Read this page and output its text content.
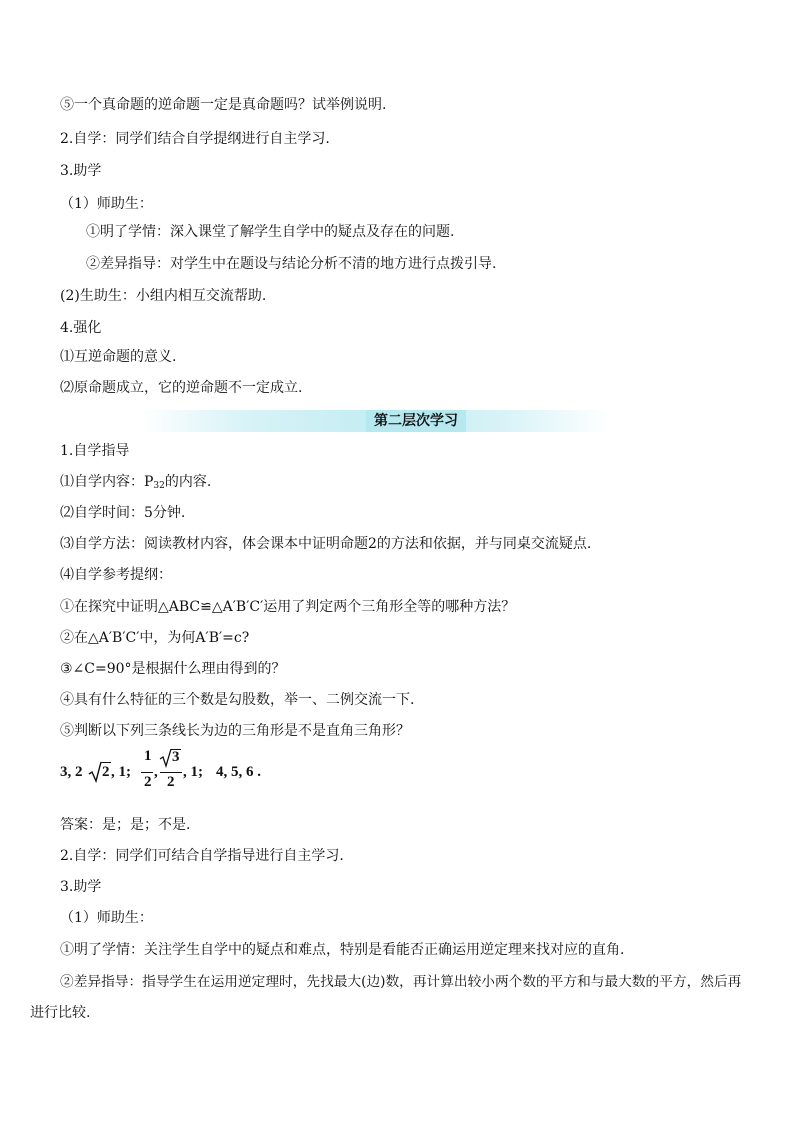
⑤一个真命题的逆命题一定是真命题吗？试举例说明.
2.自学：同学们结合自学提纲进行自主学习.
3.助学
（1）师助生：
①明了学情：深入课堂了解学生自学中的疑点及存在的问题.
②差异指导：对学生中在题设与结论分析不清的地方进行点拨引导.
(2)生助生：小组内相互交流帮助.
4.强化
⑴互逆命题的意义.
⑵原命题成立，它的逆命题不一定成立.
第二层次学习
1.自学指导
⑴自学内容：$P_{32}$的内容.
⑵自学时间：5分钟.
⑶自学方法：阅读教材内容，体会课本中证明命题2的方法和依据，并与同桌交流疑点.
⑷自学参考提纲：
①在探究中证明△ABC≌△A′B′C′运用了判定两个三角形全等的哪种方法？
②在△A′B′C′中，为何A′B′=c?
③∠C=90°是根据什么理由得到的？
④具有什么特征的三个数是勾股数，举一、二例交流一下.
⑤判断以下列三条线长为边的三角形是不是直角三角形？
3, 2 2 , 1;
1
2
,
3
2
, 1; 4, 5, 6 .
答案：是；是；不是.
2.自学：同学们可结合自学指导进行自主学习.
3.助学
（1）师助生：
①明了学情：关注学生自学中的疑点和难点，特别是看能否正确运用逆定理来找对应的直角.
②差异指导：指导学生在运用逆定理时，先找最大(边)数，再计算出较小两个数的平方和与最大数的平方，然后再
进行比较.
